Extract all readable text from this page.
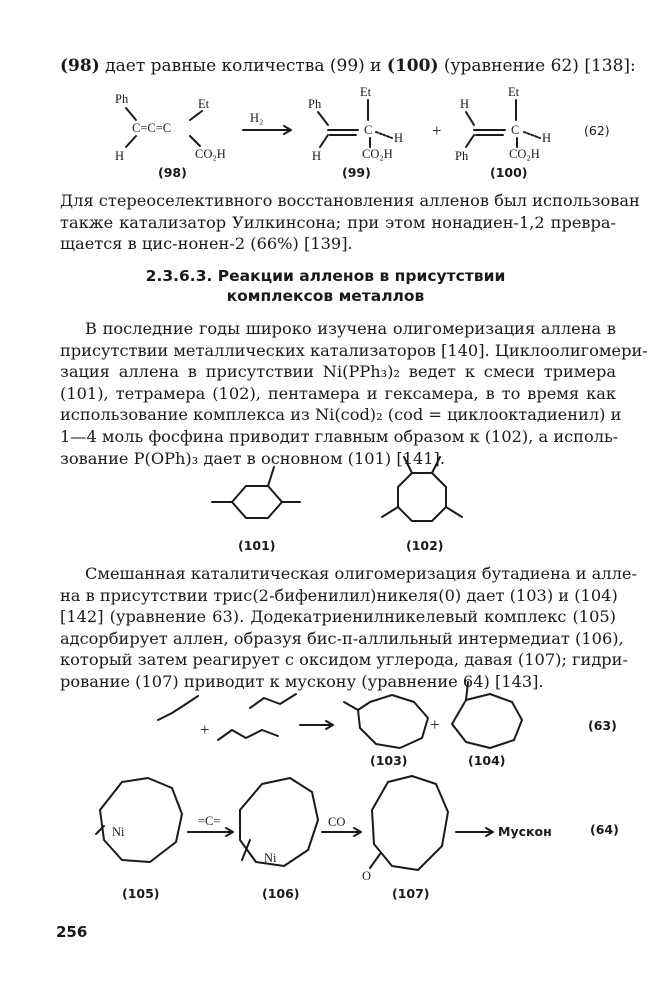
(98) дает равные количества (99) и (100) (уравнение 62) [138]:
Ph	Et
C=C=C
H	CO₂H
(98)
H₂
Ph
H
Et
C
H
CO₂H
(99)
+
H
Ph
Et
C
H
CO₂H
(100)
(62)
Для стереоселективного восстановления алленов был использован
также катализатор Уилкинсона; при этом нонадиен-1,2 превра-
щается в цис-нонен-2 (66%) [139].
2.3.6.3. Реакции алленов в присутствии
комплексов металлов
В последние годы широко изучена олигомеризация аллена в
присутствии металлических катализаторов [140]. Циклоолигомери-
зация аллена в присутствии Ni(PPh₃)₂ ведет к смеси тримера
(101), тетрамера (102), пентамера и гексамера, в то время как
использование комплекса из Ni(cod)₂ (cod = циклооктадиенил) и
1—4 моль фосфина приводит главным образом к (102), а исполь-
зование P(OPh)₃ дает в основном (101) [141].
(101)	(102)
Смешанная каталитическая олигомеризация бутадиена и алле-
на в присутствии трис(2-бифенилил)никеля(0) дает (103) и (104)
[142] (уравнение 63). Додекатриенилникелевый комплекс (105)
адсорбирует аллен, образуя бис-π-аллильный интермедиат (106),
который затем реагирует с оксидом углерода, давая (107); гидри-
рование (107) приводит к мускону (уравнение 64) [143].
+
(103)
+
(104)
(63)
Ni
(105)
=C=
Ni
(106)
CO
O
(107)
Мускон	(64)
256
